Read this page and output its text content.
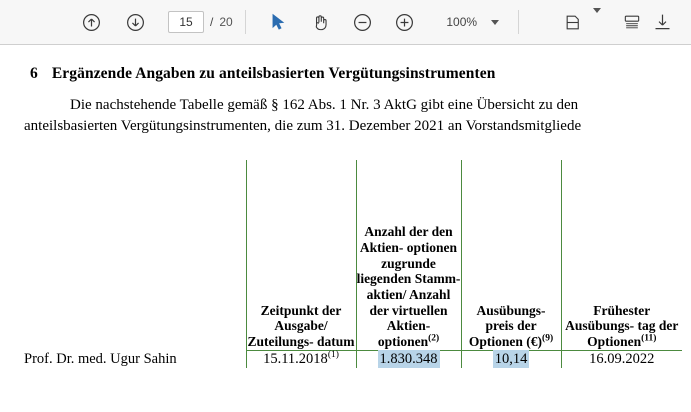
15
/ 20	100%
6 Ergänzende Angaben zu anteilsbasierten Vergütungsinstrumenten

Die nachstehende Tabelle gemäß § 162 Abs. 1 Nr. 3 AktG gibt eine Übersicht zu den anteilsbasierten Vergütungsinstrumenten, die zum 31. Dezember 2021 an Vorstandsmitgliede

	Zeitpunkt der Ausgabe/ Zuteilungs- datum	Anzahl der den Aktien- optionen zugrunde liegenden Stamm- aktien/ Anzahl der virtuellen Aktien- optionen$^{(2)}$	Ausübungs- preis der Optionen (€)$^{(9)}$	Frühester Ausübungs- tag der Optionen$^{(11)}$
Prof. Dr. med. Ugur Sahin	15.11.2018$^{(1)}$	1.830.348	10,14	16.09.2022
